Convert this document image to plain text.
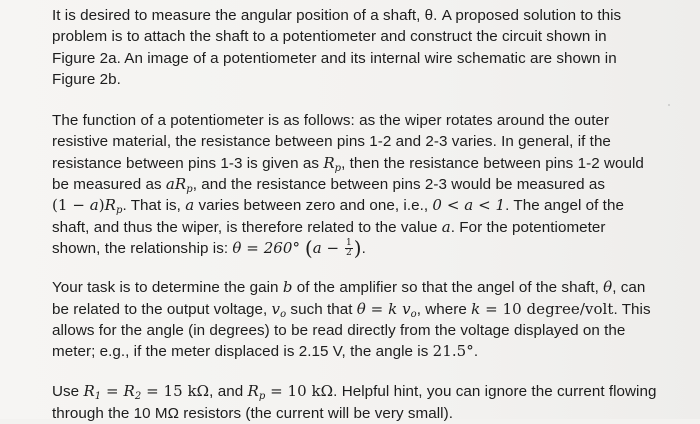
It is desired to measure the angular position of a shaft, θ. A proposed solution to this
problem is to attach the shaft to a potentiometer and construct the circuit shown in
Figure 2a. An image of a potentiometer and its internal wire schematic are shown in
Figure 2b.

The function of a potentiometer is as follows: as the wiper rotates around the outer
resistive material, the resistance between pins 1-2 and 2-3 varies. In general, if the
resistance between pins 1-3 is given as $R_p$, then the resistance between pins 1-2 would
be measured as $aR_p$, and the resistance between pins 2-3 would be measured as
$(1 - a)R_p$. That is, a varies between zero and one, i.e., 0 < a < 1. The angel of the
shaft, and thus the wiper, is therefore related to the value a. For the potentiometer
shown, the relationship is: θ = 260° ($a - \frac{1}{2}$ ).

Your task is to determine the gain b of the amplifier so that the angel of the shaft, θ, can
be related to the output voltage, $v_o$ such that θ = k $v_o$, where k = 10 degree/volt. This
allows for the angle (in degrees) to be read directly from the voltage displayed on the
meter; e.g., if the meter displaced is 2.15 V, the angle is 21.5°.

Use $R_1 = R_2 = 15$ kΩ, and $R_p = 10$ kΩ. Helpful hint, you can ignore the current flowing
through the 10 MΩ resistors (the current will be very small).
